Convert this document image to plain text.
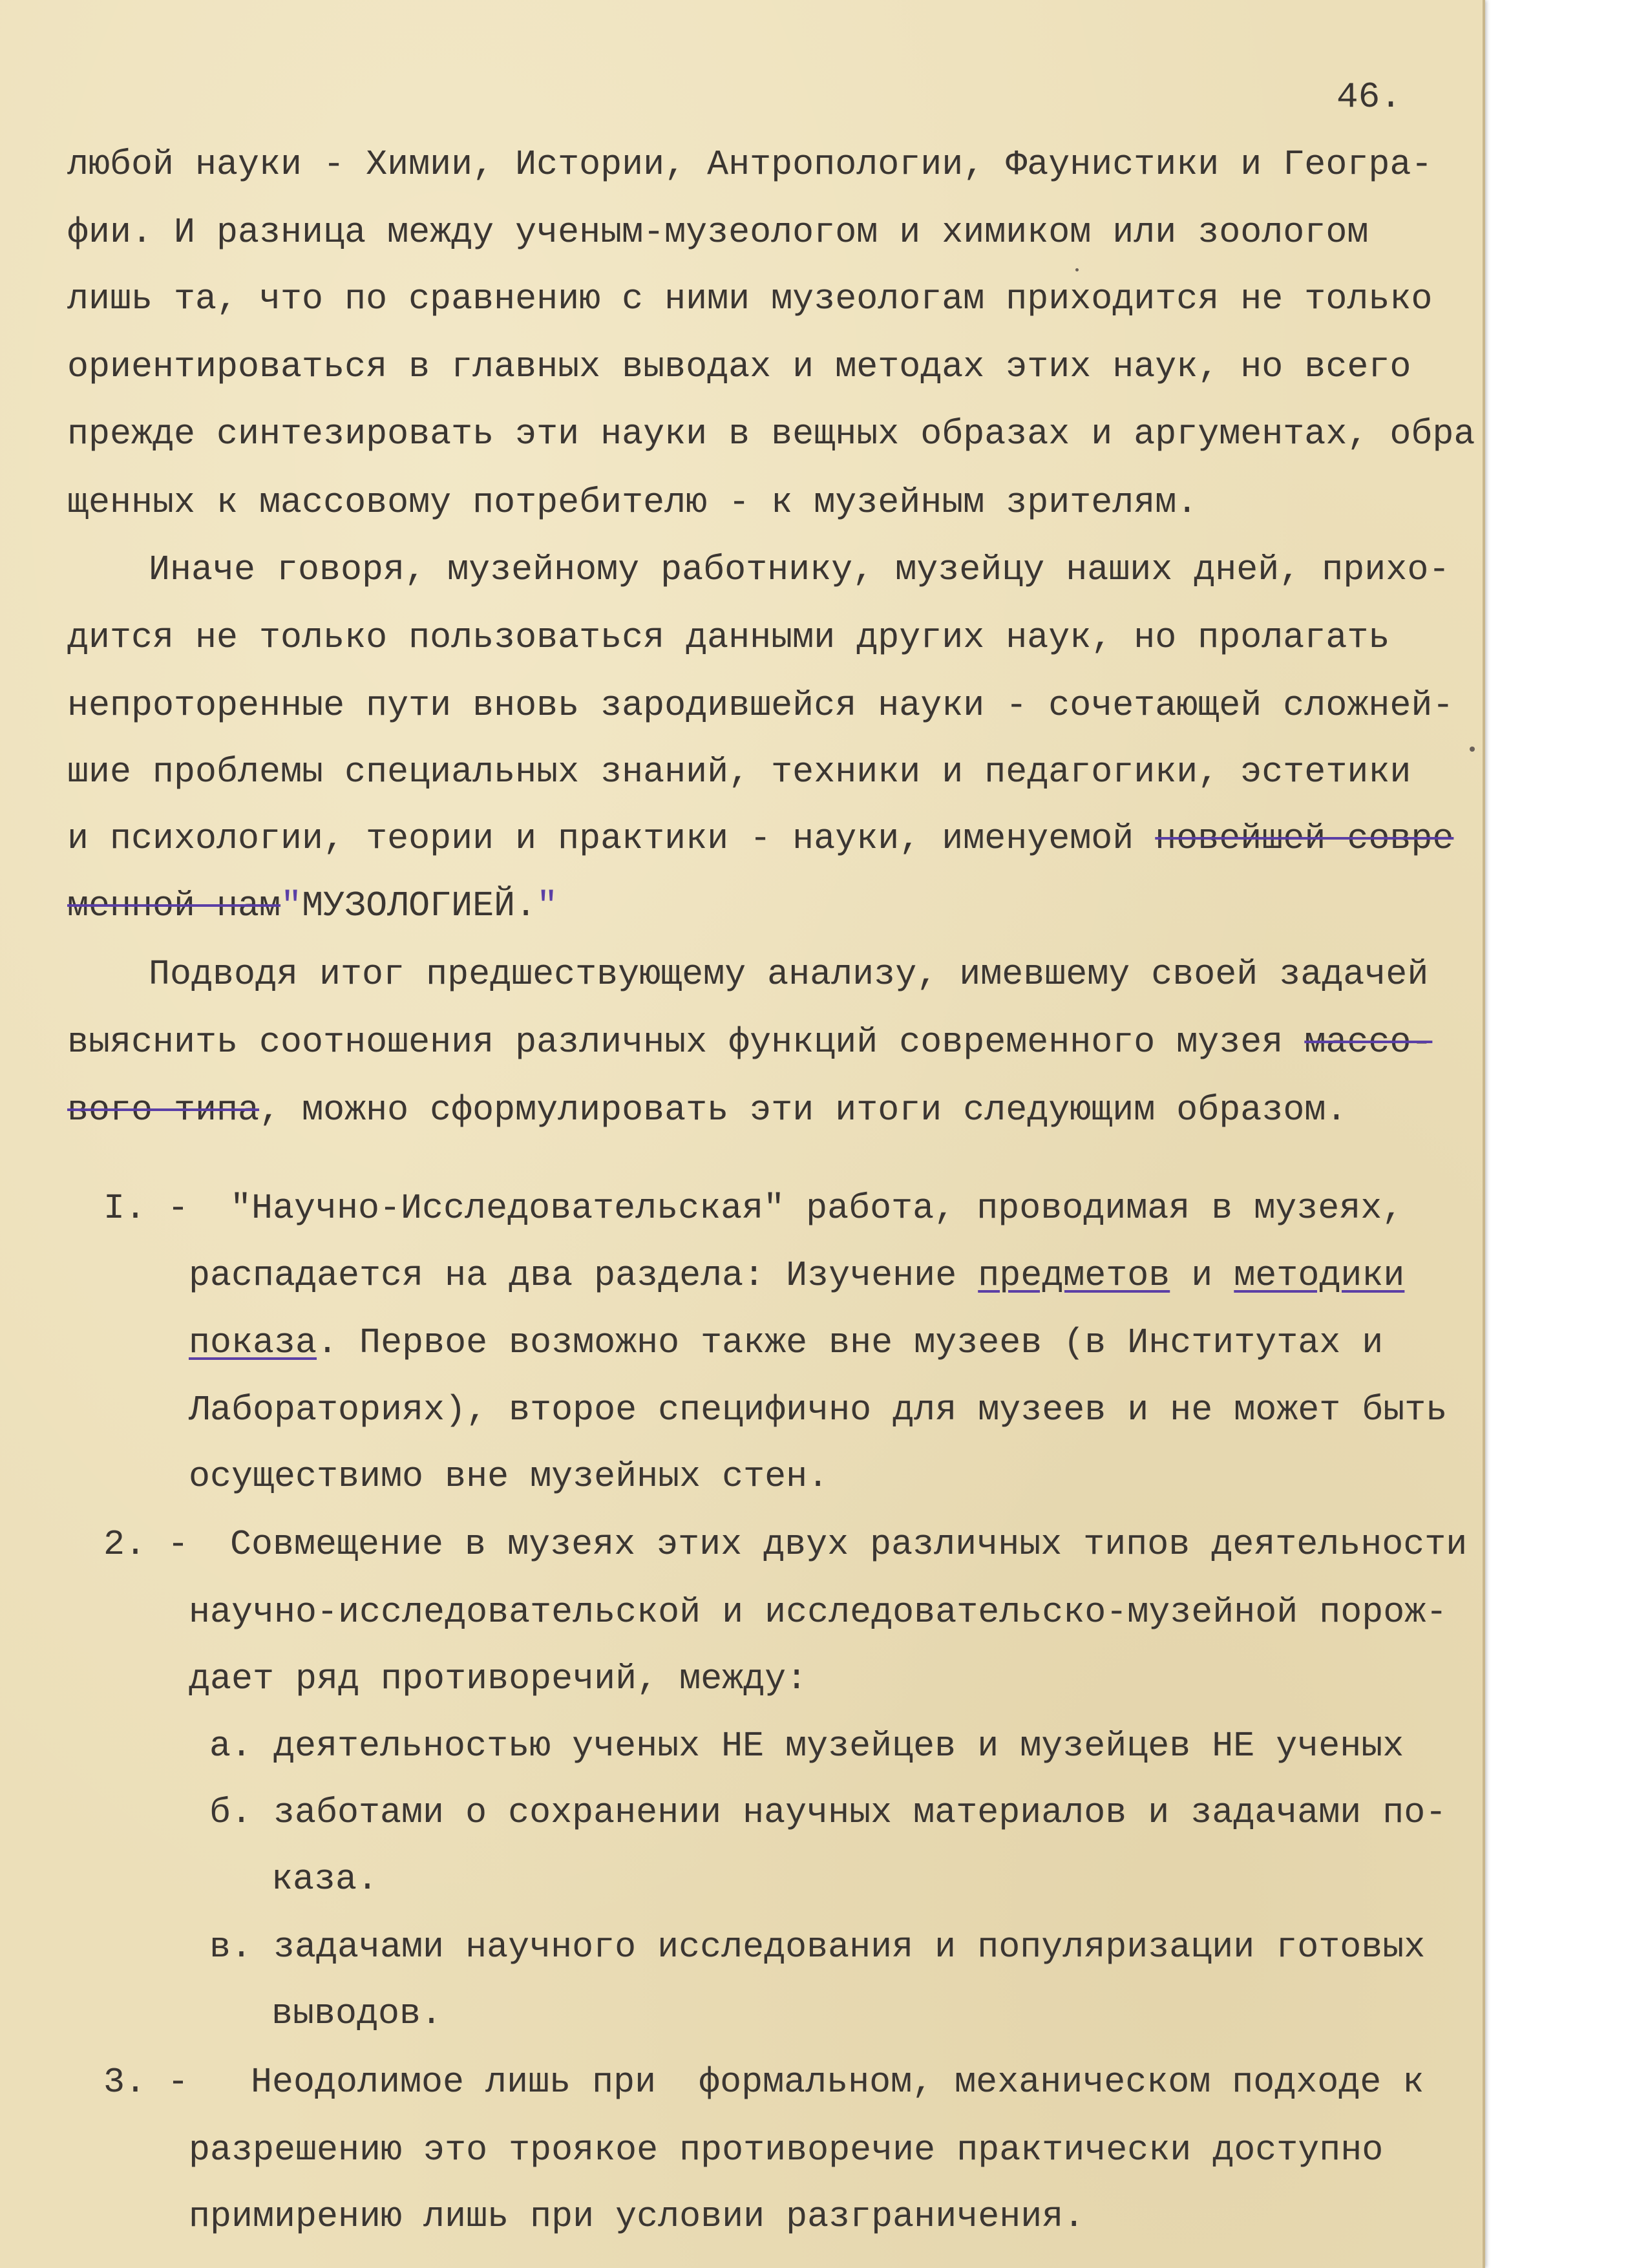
46.
любой науки - Химии, Истории, Антропологии, Фаунистики и Геогра-
фии. И разница между ученым-музеологом и химиком или зоологом
лишь та, что по сравнению с ними музеологам приходится не только
ориентироваться в главных выводах и методах этих наук, но всего
прежде синтезировать эти науки в вещных образах и аргументах, обра
щенных к массовому потребителю - к музейным зрителям.
Иначе говоря, музейному работнику, музейцу наших дней, прихо-
дится не только пользоваться данными других наук, но пролагать
непроторенные пути вновь зародившейся науки - сочетающей сложней-
шие проблемы специальных знаний, техники и педагогики, эстетики
и психологии, теории и практики - науки, именуемой новейшей совре
менной нам"МУЗОЛОГИЕЙ."
Подводя итог предшествующему анализу, имевшему своей задачей
выяснить соотношения различных функций современного музея массо-
вого типа, можно сформулировать эти итоги следующим образом.
I. - "Научно-Исследовательская" работа, проводимая в музеях,
распадается на два раздела: Изучение предметов и методики
показа. Первое возможно также вне музеев (в Институтах и
Лабораториях), второе специфично для музеев и не может быть
осуществимо вне музейных стен.
2. - Совмещение в музеях этих двух различных типов деятельности
научно-исследовательской и исследовательско-музейной порож-
дает ряд противоречий, между:
а. деятельностью ученых НЕ музейцев и музейцев НЕ ученых
б. заботами о сохранении научных материалов и задачами по-
каза.
в. задачами научного исследования и популяризации готовых
выводов.
3. - Неодолимое лишь при  формальном, механическом подходе к
разрешению это троякое противоречие практически доступно
примирению лишь при условии разграничения.
